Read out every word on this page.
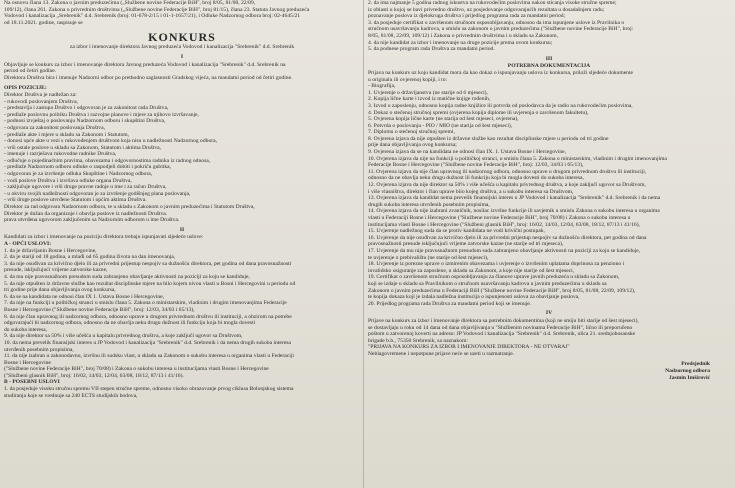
Na osnovu člana 13. Zakona o javnim preduzećima („Službene novine Federacije BiH", broj 8/05, 81/08, 22/09,
109/12), člana 261. Zakona o privrednim društvima („Službene novine Federacije BiH", broj 81/15), člana 23. Statuta Javnog preduzeća
Vodovod i kanalizacija „Srebrenik" d.d. Srebrenik (broj: 01-678-2/15 i 01-1-1657/21), i Odluke Nadzornog odbora broj: 02-4645/21
od 18.11.2021. godine, raspisuje se
KONKURS
za izbor i imenovanje direktora Javnog preduzeća Vodovod i kanalizacija "Srebrenik" d.d. Srebrenik
I
Objavljuje se konkurs za izbor i imenovanje direktora Javnog preduzeća Vodovod i kanalizacija "Srebrenik" d.d. Srebrenik na
period od četiri godine.
Direktora Društva bira i imenuje Nadzorni odbor po prethodno saglasnosti Gradskog vijeća, na mandatni period od četiri godine.
OPIS POZICIJE:
Direktor Društva je nadležan za:
- rukovodi poslovanjem Društva,
- predstavlja i zastupa Društvo i odgovoran je za zakonitost rada Društva,
- predlaže poslovnu politiku Društva i razvojne planove i mjere za njihovo izvršavanje,
- podnosi izvještaj o poslovanju Nadzornom odboru i skupštini Društva,
- odgovara za zakonitost poslovanja Društva,
- predlaže akte i mjere u skladu sa Zakonom i Statutom,
- donosi opće akte u vezi s rukovođenjem društvom koja nisu u nadležnosti Nadzornog odbora,
- vrši ostale poslove u skladu sa Zakonom, Statutom i aktima Društva,
- imenuje i razrješava rukovodne radnike Društva,
- odlučuje o pojedinačnim pravima, obavezama i odgovornostima radnika iz radnog odnosa,
- predlaže Nadzornom odboru odluke o raspodjeli dobiti i pokriću gubitka,
- odgovoran je za izvršenje odluka Skupštine i Nadzornog odbora,
- vodi poslove Društva i izvršava odluke organa Društva,
- zaključuje ugovore i vrši druge pravne radnje u ime i za račun Društva,
- u okviru svojih nadležnosti odgovoran je za izvršenje godišnjeg plana poslovanja,
- vrši druge poslove utvrđene Statutom i općim aktima Društva.
Direktor za rad odgovara Nadzornom odboru, te u skladu s Zakonom o javnim preduzećima i Statutom Društva,
Direktor je dužan da organizuje i obavlja poslove iz nadležnosti Društva.
prava utvrđena ugovorom zaključenim sa Nadzornim odborom u ime Društva.
II
Kandidati za izbor i imenovanje na poziciju direktora trebaju ispunjavati sljedeće uslove:
A - OPĆI USLOVI:
1. da je državljanin Bosne i Hercegovine,
2. da je stariji od 18 godina, a mlađi od 65 godina života na dan imenovanja,
3. da nije osuđivan za krivično djelo ili za privredni prijestup nespojiv sa dužnošću direktora, pet godina od dana pravosnažnosti
presude, isključujući vrijeme zatvorske kazne,
4. da mu nije pravosnažnom presudom suda zabranjeno obavljanje aktivnosti na poziciji za koju se kandiduje,
5. da nije otpušten iz državne službe kao rezultat disciplinske mjere na bilo kojem nivou vlasti u Bosni i Hercegovini u periodu od
tri godine prije dana objavljivanja ovog konkursa,
6. da se na kandidata ne odnosi član IX 1. Ustava Bosne i Hercegovine,
7. da nije na funkciji u političkoj stranci u smislu člana 5. Zakona o ministarskim, vladinim i drugim imenovanjima Federacije
Bosne i Hercegovine ("Službene novine Federacije BiH", broj: 12/03, 34/03 i 65/13),
8. da nije član upravnog ili nadzornog odbora, odnosno uprave u drugom privrednom društvu ili instituciji, a obzirom na potrebe
odgovarajući bi nadzornog odbora, odnosno da ne obavlja neku drugu dužnost ili funkciju koja bi mogla dovesti
do sukoba interesa,
9. da nije direktor sa 50% i više učešća u kapitalu privrednog društva, a koje zaključi ugovor sa Društvom,
10. da nema prevelik finansijski interes u JP Vodovod i kanalizacija "Srebrenik" d.d. Srebrenik i da nema drugih sukoba interesa
utvrđenih posebnim propisima,
11. da nije izabran u zakonodavnu, izvršnu ili sudsku vlast, u skladu sa Zakonom o sukobu interesa u organima vlasti u Federaciji
Bosne i Hercegovine
("Službene novine Federacije BiH", broj 70/08) i Zakona o sukobu interesa u institucijama vlasti Bosne i Hercegovine
("Službeni glasnik BiH", broj: 16/02, 14/03, 12/04, 63/08, 18/12, 87/13 i 41/16).
B - POSEBNI USLOVI
1. da posjeduje visoku stručnu spremu VII stepen stručne spreme, odnosno visoko obrazovanje prvog ciklusa Bolonjskog sistema
studiranja koje se vrednuje sa 240 ECTS studijskih bodova,
2. da ima najmanje 5 godina radnog iskustva na rukovodećim poslovima nakon sticanja visoke stručne spreme;
iz oblasti u kojoj se bavi privredno društvo, uz posjedovanje odgovarajućih rezultata u dosadašnjem radu;
poznavanje poslova iz djelokruga društva i prijedlog programa rada za mandatni period;
3. da posjeduje certifikat o završenom stručnom osposobljavanju, odnosno da ima ispunjene uslove iz Pravilnika o
stručnom usavršavanju kadrova, u smislu sa zakonom o javnim preduzećima ("Službene novine Federacije BiH", broj:
8/05, 81/08, 22/09, 109/12) i Zakona o privrednim društvima i u skladu sa Zakonom,
4. da nije kandidat za izbor i imenovanje na druge pozicije prema ovom konkursu;
5. da podnese program rada Društva za mandatni period.
III
POTREBNA DOKUMENTACIJA
Prijava na konkurs uz koju kandidat mora da kao dokaz o ispunjavanju uslova iz konkursa, priloži sljedeće dokumente
u originalu ili ovjerenoj kopiji, i to:
- Biografija,
1. Uvjerenje o državljanstvu (ne starije od 6 mjeseci),
2. Kopija lične karte i izvod iz matične knjige rođenih,
3. Izvod o zaposlenju, odnosno kopija radne knjižice ili potvrda od poslodavca da je radio na rukovodećim poslovima,
4. Dokaz o stečenoj stručnoj spremi (ovjerena kopija diplome ili uvjerenja o završenom fakultetu),
5. Ovjerena kopija lične karte (ne starija od šest mjeseci, ovjerena),
6. Potvrda o poslovanju - PIO / MIO (ne starija od šest mjeseci),
7. Diplomu o stečenoj stručnoj spremi,
8. Ovjerena izjava da nije otpušten iz državne službe kao rezultat disciplinske mjere u periodu od tri godine
prije dana objavljivanja ovog konkursa;
9. Ovjerena izjava da se na kandidata ne odnosi član IX. 1. Ustava Bosne i Hercegovine,
10. Ovjerena izjava da nije na funkciji u političkoj stranci, u smislu člana 5. Zakona o ministarskim, vladinim i drugim imenovanjima
Federacije Bosne i Hercegovine ("Službene novine Federacije BiH", broj: 12/03, 34/03 i 65/13),
11. Ovjerena izjava da nije član upravnog ili nadzornog odbora, odnosno uprave u drugom privrednom društvu ili instituciji,
odnosno da ne obavlja neku drugu dužnost ili funkciju koja bi mogla dovesti do sukoba interesa,
12. Ovjerena izjava da nije direktor sa 50% i više učešća u kapitalu privrednog društva, a koje zaključi ugovor sa Društvom,
i više vlasništva, direktor i član uprave bilo kojeg društva, a u sukobu interesa sa Društvom,
13. Ovjerena izjava da kandidat nema prevelik finansijski interes u JP Vodovod i kanalizacija "Srebrenik" d.d. Srebrenik i da nema
drugih sukoba interesa utvrđenih posebnim propisima,
14. Ovjerena izjava da nije izabrani zvaničnik, nosilac izvršne funkcije ili savjetnik u smislu Zakona o sukobu interesa u organima
vlasti u Federaciji Bosne i Hercegovine ("Službene novine Federacije BiH", broj 70/08) i Zakona o sukobu interesa u
institucijama vlasti Bosne i Hercegovine ("Službeni glasnik BiH", broj: 16/02, 14/03, 12/04, 63/08, 18/12, 87/13 i 41/16),
15. Uvjerenje nadležnog suda da se protiv kandidata ne vodi krivični postupak,
16. Uvjerenje da nije osuđivan za krivično djelo ili za privredni prijestup nespojiv sa dužnošću direktora, pet godina od dana
pravosnažnosti presude isključujući vrijeme zatvorske kazne (ne starije od tri mjeseca),
17. Uvjerenje da mu nije pravosnažnom presudom suda zabranjeno obavljanje aktivnosti na poziciji za koju se kandiduje,
te uvjerenje o prebivalištu (ne starije od šest mjeseci),
18. Uvjerenje iz porezne uprave o izmirenim obavezama i uvjerenje o izvršenim uplatama doprinosa za penziono i
invalidsko osiguranje za zaposlene, u skladu sa Zakonom, a koje nije starije od šest mjeseci,
19. Certifikat o završenom stručnom osposobljavanju za članove uprave javnih preduzeća u skladu sa Zakonom,
koji se izdaje u skladu sa Pravilnikom o stručnom usavršavanju kadrova u javnim preduzećima u skladu sa
Zakonom o javnim preduzećima u Federaciji BiH ("Službene novine Federacije BiH", broj 8/05, 81/08, 22/09, 109/12),
te kopija dokaza koji je izdala nadležna institucija o ispunjenosti uslova za obavljanje poslova,
20. Prijedlog programa rada Društva za mandatni period koji se imenuje.
IV
Prijave na konkurs za izbor i imenovanje direktora sa potrebnim dokumentima (koji ne smiju biti starije od šest mjeseci),
se dostavljaju u roku od 14 dana od dana objavljivanja u "Službenim novinama Federacije BiH", lično ili preporučeno
poštom u zatvorenoj koverti na adresu: JP Vodovod i kanalizacija "Srebrenik" d.d. Srebrenik, ulica 21. srednjobosanske
brigade b.b., 75350 Srebrenik, sa naznakom:
"PRIJAVA NA KONKURS ZA IZBOR I IMENOVANJE DIREKTORA - NE OTVARAJ"
Neblagovremene i nepotpune prijave neće se uzeti u razmatranje.
Predsjednik
Nadzornog odbora
Jasmin Imširović
